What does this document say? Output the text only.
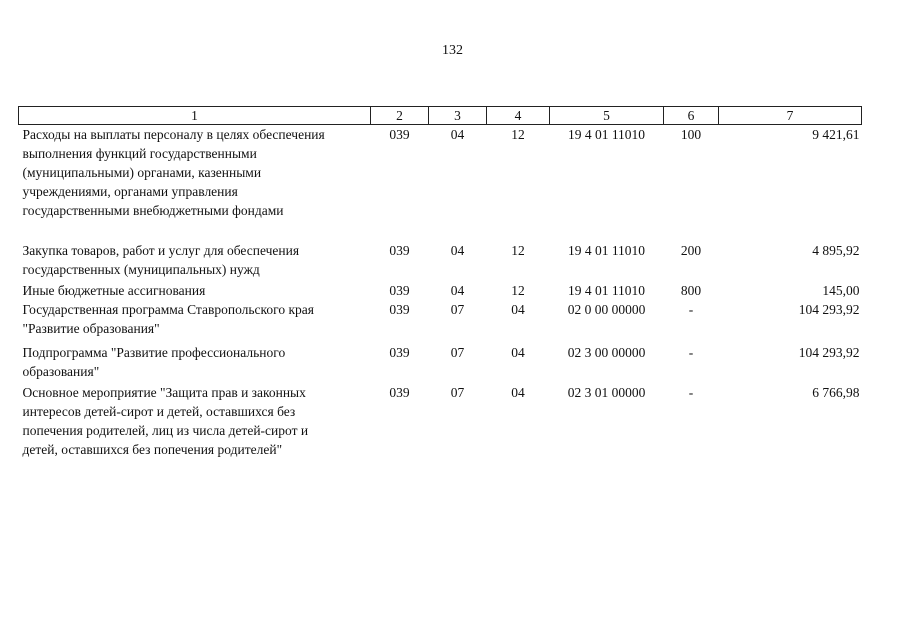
132
1	2	3	4	5	6	7

Расходы на выплаты персоналу в целях обеспечения
выполнения функций государственными
(муниципальными) органами, казенными
учреждениями, органами управления
государственными внебюджетными фондами	039	04	12	19 4 01 11010	100	9 421,61

Закупка товаров, работ и услуг для обеспечения
государственных (муниципальных) нужд	039	04	12	19 4 01 11010	200	4 895,92

Иные бюджетные ассигнования	039	04	12	19 4 01 11010	800	145,00

Государственная программа Ставропольского края
"Развитие образования"	039	07	04	02 0 00 00000	-	104 293,92

Подпрограмма "Развитие профессионального
образования"	039	07	04	02 3 00 00000	-	104 293,92

Основное мероприятие "Защита прав и законных
интересов детей-сирот и детей, оставшихся без
попечения родителей, лиц из числа детей-сирот и
детей, оставшихся без попечения родителей"	039	07	04	02 3 01 00000	-	6 766,98
